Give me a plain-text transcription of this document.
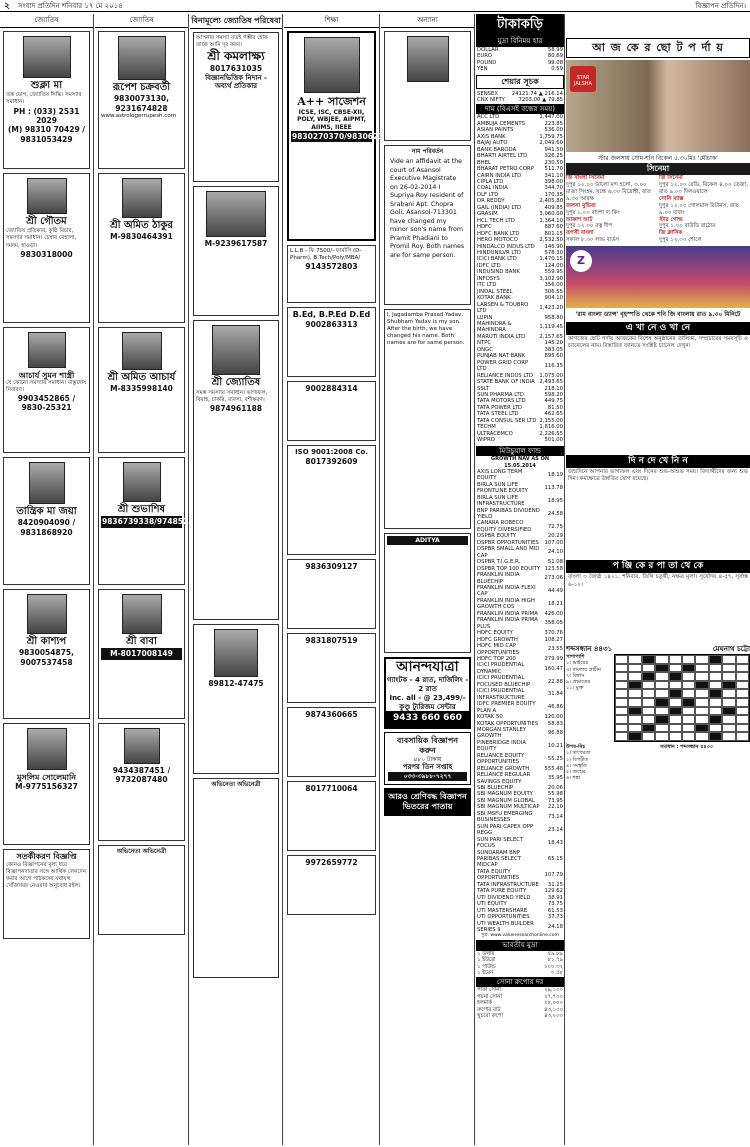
২ সংবাদ প্রতিদিন শনিবার ১৭ মে ২০১৪	বিজ্ঞাপন প্রতিদিন।
জ্যোতিষ
শুক্লা মা
তন্ত্র যোগ, জ্যোতিষ সিদ্ধি। সমস্যার সমাধান।
PH : (033) 2531 2029
(M) 98310 70429 / 9831053429
শ্রী গৌতম
জ্যোতিষ প্রতিকার, কুষ্ঠি বিচার, সমস্যার সমাধান। চেম্বার বেহালা, দমদম, হাওড়া।
9830318000
আচার্য সুমন শাস্ত্রী
যে কোনো সমস্যার সমাধান। বাস্তুদোষ নিবারণ।
9903452865 / 9830-25321
তান্ত্রিক মা জয়া
8420904090 / 9831868920
শ্রী কাশ্যপ
9830054875, 9007537458
মুসলিম সোলেমানি
M-9775156327
সতর্কীকরণ বিজ্ঞপ্তি
কোনও বিজ্ঞাপনের মূল্য ধরে বিজ্ঞাপনদাতার সঙ্গে আর্থিক লেনদেন করার আগে পাঠকদের যথাযথ খোঁজখবর নেওয়ার অনুরোধ রইল।
জ্যোতিষ
রূপেশ চক্রবর্তী
9830073130, 9231674828
www.astrologerrupesh.com
শ্রী অমিত ঠাকুর
M-9830464391
শ্রী অমিত আচার্য
M-8335998140
শ্রী শুভাশিষ
9836739338/9748523399
শ্রী বাবা
M-8017008149
9434387451 / 9732087480
অভিনেতা অভিনেত্রী
বিনামূল্যে জ্যোতিষ পরিষেবা
আপনার সমস্যা যতই গম্ভীর হোক তাকে আমি দূর করব।
শ্রী কমলাক্ষ্য
8017631035
বিজ্ঞানভিত্তিক নিদান - অব্যর্থ প্রতিকার
M-9239617587
শ্রী জ্যোতিষ
সমস্ত সমস্যার সমাধান। ভাগ্যফল, বিবাহ, চাকরি, ব্যবসা, বশীকরণ।
9874961188
89812-47475
অভিনেতা অভিনেত্রী
শিক্ষা
A++ সাজেশন
ICSE, ISC, CBSE-XII, POLY, WBJEE, AIPMT, AIIMS, IIEEE
9830270370/9830623069
L.L.B - ফি 7500/- ফার্মাসি (D-Pharm), B.Tech/Poly/MBA/
9143572803
B.Ed, B.P.Ed D.Ed
9002863313
9002884314
ISO 9001:2008 Co.
8017392609
9836309127
9831807519
9874360665
8017710064
9972659772
অন্যান্য
নাম পরিবর্তন
Vide an affidavit at the court of Asansol Executive Magistrate on 26-02-2014 I Supriya Roy resident of Srabani Apt. Chopra Goli, Asansol-713301 have changed my minor son's name from Pramit Phadiani to Promil Roy. Both names are for same person.
I, Jagadamba Prasad Yadav, Shubham Yadav is my son. After the birth, we have changed his name. Both names are for same person.
ADITYA
আনন্দযাত্রা
গ্যাংটক - 4 রাত, দার্জিলিং - 2 রাত
Inc. all - @ 23,499/-
কুণ্ডু ট্যুরিজম সেন্টার
9433 660 660
ব্যবসায়িক বিজ্ঞাপন করুন
৪৮০ টাকায়
পরপর তিন সপ্তাহ
০৩৩-৩৯৮৮-৭২৭৭
আরও শ্রেণিবদ্ধ বিজ্ঞাপন ভিতরের পাতায়
টাকাকড়ি
মুদ্রা বিনিময় হার
DOLLAR	58.99
EURO	80.69
POUND	99.08
YEN	0.59
শেয়ার সূচক
SENSEX	24121.74 ▲ 216.14
CNX NIFTY	7203.00 ▲ 79.85
দাম (বিএসই বন্ধের সময়)
ACC LTD	1,447.00
AMBUJA CEMENTS	223.85
ASIAN PAINTS	536.00
AXIS BANK	1,759.75
BAJAJ AUTO	2,049.60
BANK BARODA	941.50
BHARTI AIRTEL LTD	326.25
BHEL	230.50
BHARAT PETRO CORP	511.70
CAIRN INDIA LTD	341.10
CIPLA LTD	398.00
COAL INDIA	344.70
DLF LTD	170.35
DR REDDY	2,405.80
GAIL (INDIA) LTD	409.85
GRASIM	3,060.00
HCL TECH LTD	1,364.10
HDFC	887.60
HDFC BANK LTD	801.15
HERO MOTOCO	2,532.50
HINDALCO INDUS LTD	146.90
HINDUNILVR LTD	578.30
ICICI BANK LTD	1,470.15
IDFC LTD	124.00
INDUSIND BANK	559.95
INFOSYS	3,102.90
ITC LTD	356.00
JINDAL STEEL	306.55
KOTAK BANK	904.10
LARSEN & TOUBRO LTD	1,423.20
LUPIN	958.80
MAHINDRA & MAHINDRA	1,119.45
MARUTI INDIA LTD	2,157.65
NTPC	145.20
ONGC	383.05
PUNJAB NAT BANK	895.60
POWER GRID CORP LTD	116.35
RELIANCE INDUS LTD	1,075.00
STATE BANK OF INDIA	2,493.65
SSLT	218.10
SUN PHARMA LTD	598.20
TATA MOTORS LTD	449.75
TATA POWER LTD	81.50
TATA STEEL LTD	462.65
TATA CONSUL SER LTD	2,155.00
TECHM	1,816.00
ULTRACEMCO	2,226.55
WIPRO	501.00
মিউচুয়াল ফান্ড
GROWTH NAV AS ON 15.05.2014
AXIS LONG TERM EQUITY	18.19
BIRLA SUN LIFE FRONTLINE EQUITY	113.78
BIRLA SUN LIFE INFRASTRUCTURE	18.95
BNP PARIBAS DIVIDEND YIELD	24.58
CANARA ROBECO EQUITY DIVERSIFIED	72.75
DSPBR EQUITY	20.29
DSPBR OPPORTUNITIES	107.00
DSPBR SMALL AND MID CAP	24.10
DSPBR T.I.G.E.R.	51.08
DSPBR TOP 100 EQUITY	123.58
FRANKLIN INDIA BLUECHIP	273.06
FRANKLIN INDIA FLEXI CAP	44.49
FRANKLIN INDIA HIGH GROWTH COS	18.21
FRANKLIN INDIA PRIMA	426.00
FRANKLIN INDIA PRIMA PLUS	358.05
HDFC EQUITY	370.76
HDFC GROWTH	108.27
HDFC MID CAP OPPORTUNITIES	23.55
HDFC TOP 200	279.99
ICICI PRUDENTIAL DYNAMIC	160.47
ICICI PRUDENTIAL FOCUSED BLUECHIP	22.88
ICICI PRUDENTIAL INFRASTRUCTURE	31.84
IDFC PREMIER EQUITY PLAN A	46.86
KOTAK 50	120.00
KOTAK OPPORTUNITIES	58.83
MORGAN STANLEY GROWTH	96.88
PINEBRIDGE INDIA EQUITY	10.21
RELIANCE EQUITY OPPORTUNITIES	55.25
RELIANCE GROWTH	555.48
RELIANCE REGULAR SAVINGS EQUITY	35.95
SBI BLUECHIP	20.06
SBI MAGNUM EQUITY	55.98
SBI MAGNUM GLOBAL	73.95
SBI MAGNUM MULTICAP	22.10
SBI MSFU EMERGING BUSINESSES	73.14
SUN PARI CAPEX OPP REGG	23.14
SUN PARI SELECT FOCUS	18.43
SUNDARAM BNP PARIBAS SELECT MIDCAP	65.15
TATA EQUITY OPPORTUNITIES	107.79
TATA INFRASTRUCTURE	31.25
TATA PURE EQUITY	129.62
UTI DIVIDEND YIELD	38.91
UTI EQUITY	73.75
UTI MASTERSHARE	61.53
UTI OPPORTUNITIES	37.73
UTI WEALTH BUILDER SERIES II	24.18
সুত্র: www.valueresearchonline.com
ভারতীয় মুদ্রা
১ ডলার	৫৯.৮৯
১ ইউরো	৮১.৭৯
১ পাউন্ড	১০০.৩২
১ ইয়েন	০.৫৮
সোনা রুপোর দর
পাকা সোনা	২৯,১০০
গয়না সোনা	২৭,৭০০
হলমার্ক	২৮,০০০
রুপোর বাট	৪৩,১০০
খুচরো রুপো	৪৩,২০০
আ জ কে র ছো ট প র্দা য়
STAR JALSHA
স্টার জলসায় সোম-শনি বিকেল ৫.৩০মিঃ 'মৌচাক'
সিনেমা
জি বাংলা সিনেমা
দুপুর ১২.০০ ভালো মন্দ হলো, ৩.০০ রাজা সিংহম, সন্ধে ৬.৩০ বিদ্রোহী, রাত ৯.৩০ আরক্ষ
জলসা মুভিজ
দুপুর ১.০০ বাদশা দ্য কিং
আকাশ আট
দুপুর ১২.৩০ রত্ন দীপ
রূপসী বাংলা
সকাল ৮.৩০ লাভ বার্ডস
জি সিনেমা
দুপুর ১২.০০ রেডি, বিকেল ৪.০০ তেজা, রাত ৯.০০ দিলওয়ালে
সোনি ম্যাক্স
দুপুর ১২.০০ গোলমাল রিটার্নস, রাত ৯.০০ দাবাং
স্টার গোল্ড
দুপুর ১.০০ রাউডি রাঠোর
জি ক্লাসিক
দুপুর ১২.৩০ শোলে
Z
'রাম বাংলা ড্যান্স' বৃহস্পতি থেকে শনি জি বাংলায় রাত ৯.৩০ মিনিটে
এ খা নে ও খা নে
কাগজের ছোট পর্দায় আজকের বিশেষ অনুষ্ঠানের তালিকা, সম্প্রচারের সময়সূচি ও চ্যানেলের নাম। বিস্তারিত জানতে সংশ্লিষ্ট চ্যানেল দেখুন।
দি ন দে খে নি ন
জন্মদিনে আপনার ভাগ্যফল এবং দিনের শুভ-অশুভ সময়। বিদ্যার্থীদের জন্য শুভ দিন। কর্মক্ষেত্রে উন্নতির যোগ রয়েছে।
প ঞ্জি কে র পা তা থে কে
বাংলা ৩ জ্যৈষ্ঠ ১৪২১, শনিবার, তিথি চতুর্থী, নক্ষত্র মূলা। সূর্যোদয় ৪-৫৭, সূর্যাস্ত ৬-১২।
শব্দসন্ধান ৪৪৩১	মেঘনাথ চট্টো
পাশাপাশি
১। ভাইয়ের
৩। বাংলায় প্রাচীন
৭। বিশ্বাস
৯। প্রভাতের
১১। মুক্ত
উপর-নিচ
১। তৎপরতা
২। বিপরীত
৪। সংস্কৃতি
৫। জন্মের
৬। শঙ্কা
সমাধান : শব্দসন্ধান ৪৪৩০
